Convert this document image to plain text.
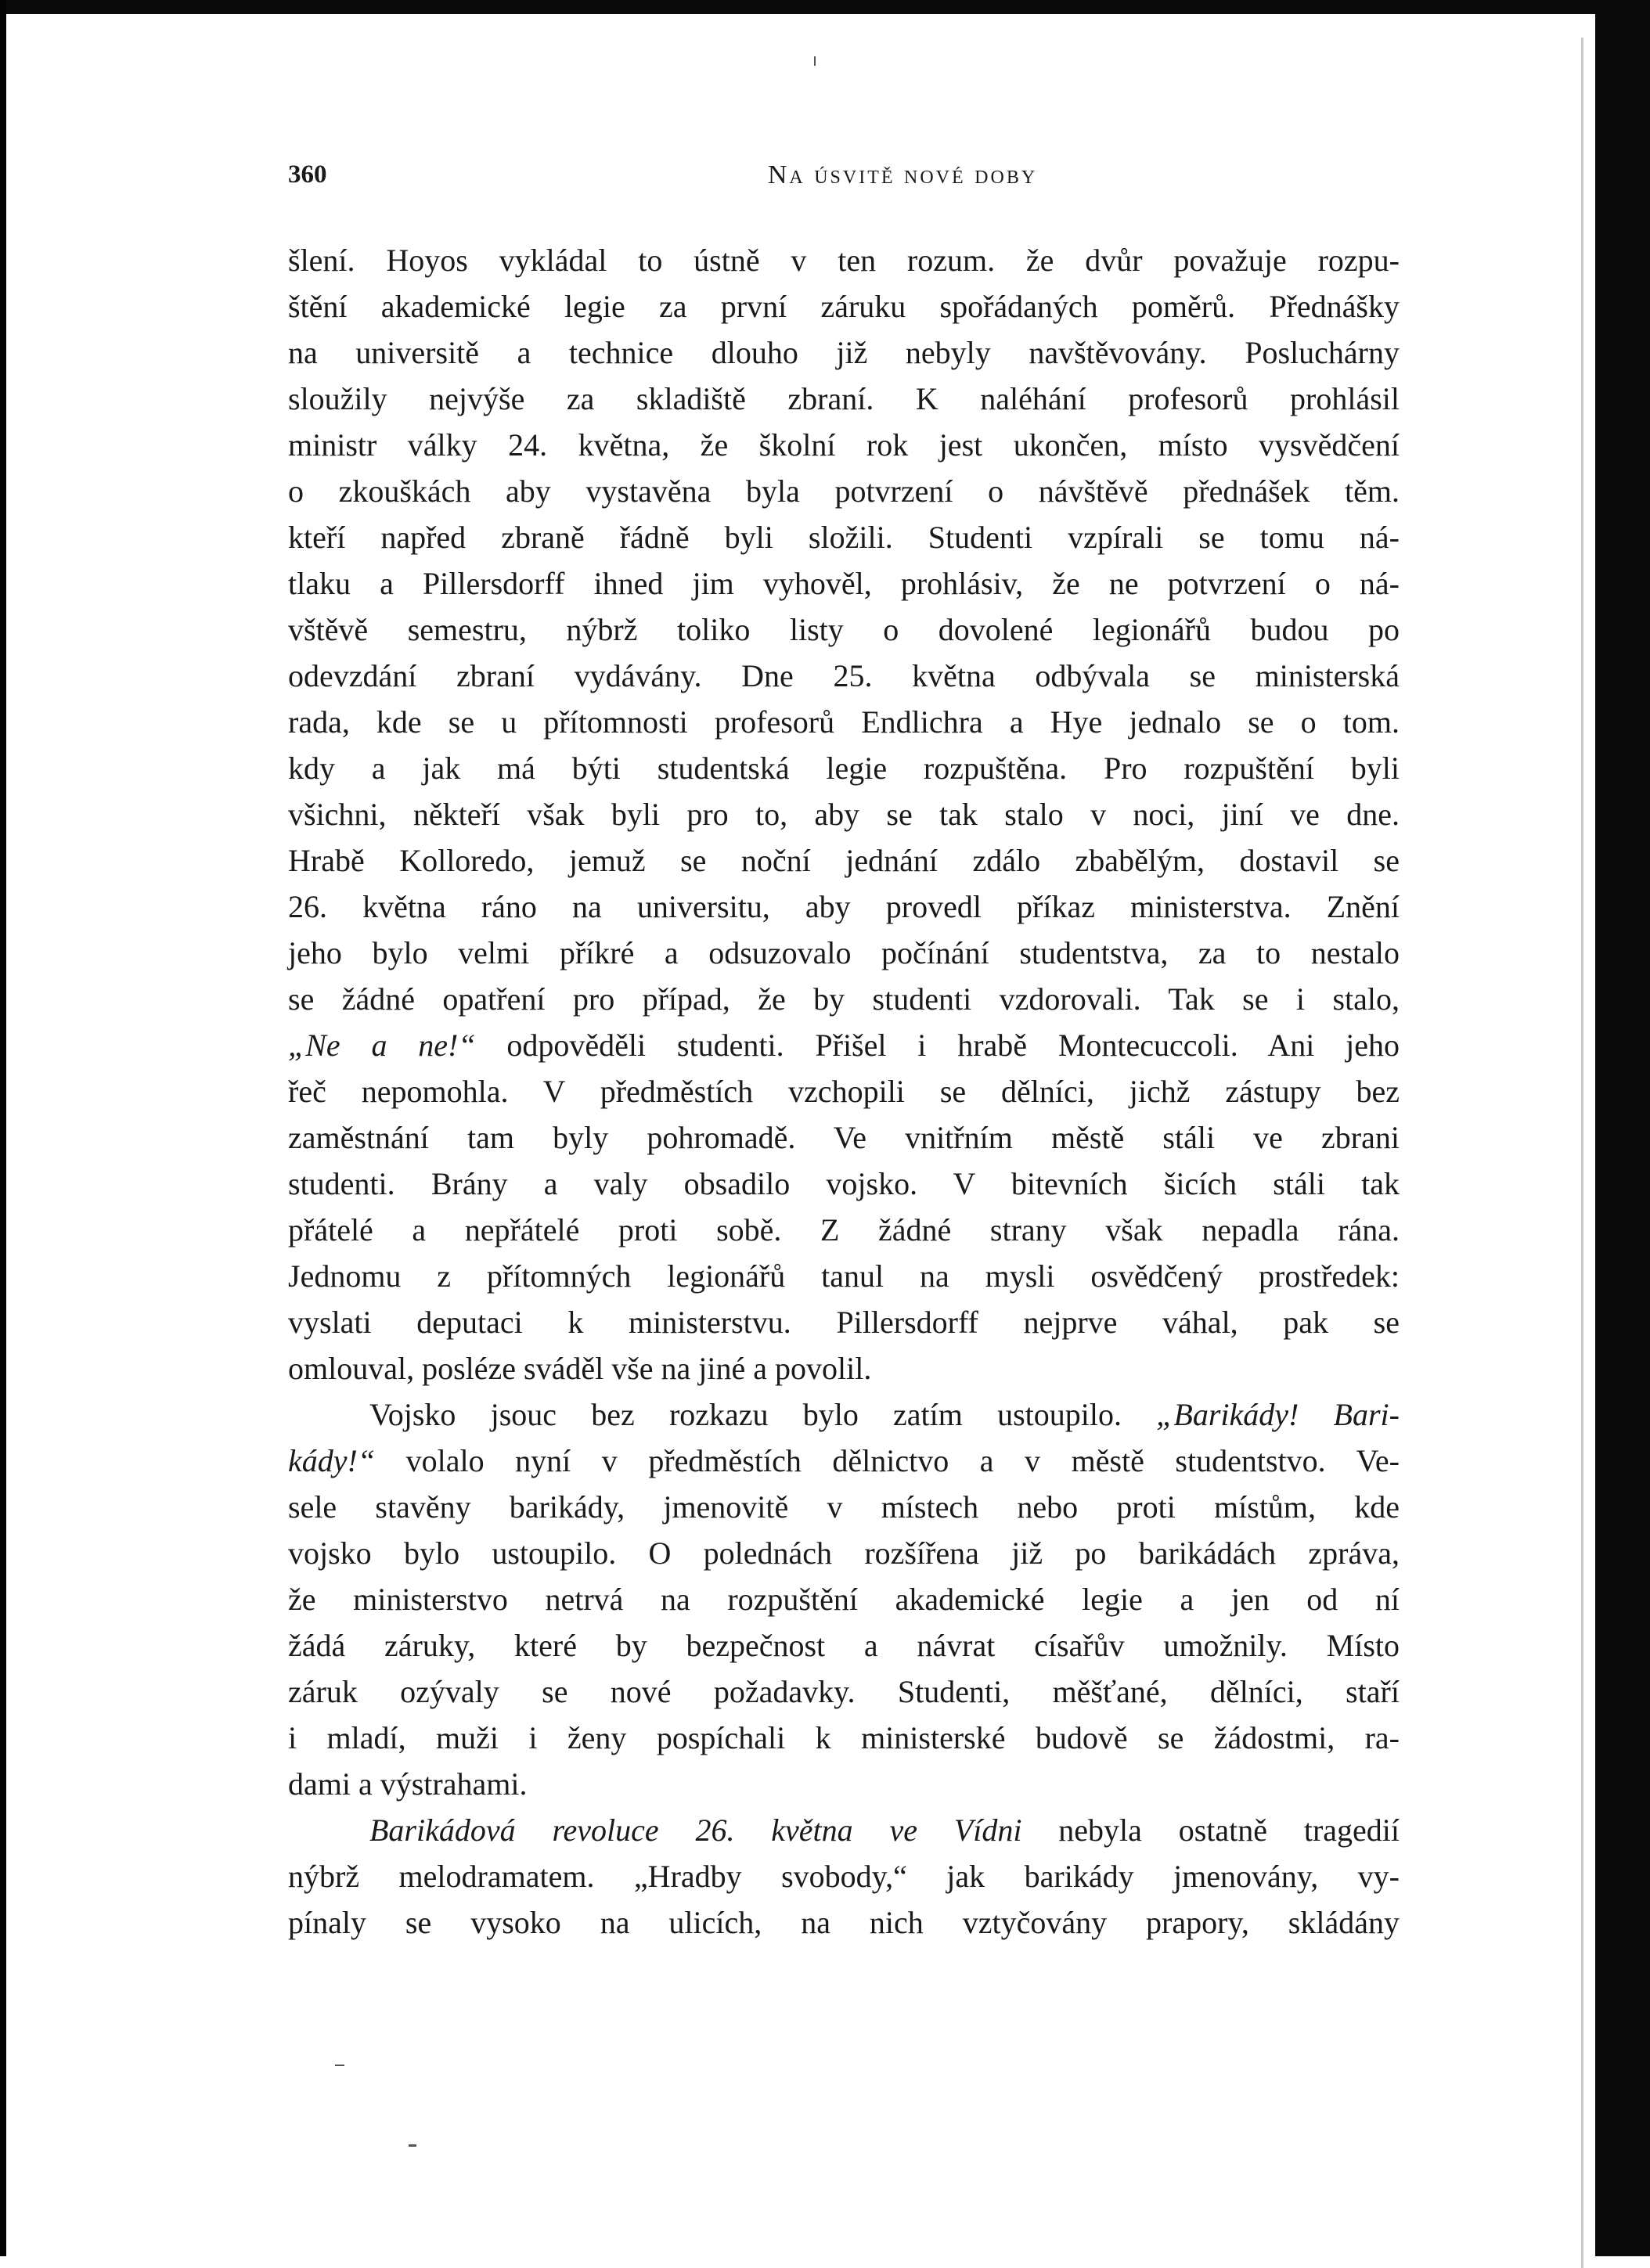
360	Na úsvitě nové doby
šlení. Hoyos vykládal to ústně v ten rozum. že dvůr považuje rozpu-
štění akademické legie za první záruku spořádaných poměrů. Přednášky
na universitě a technice dlouho již nebyly navštěvovány. Posluchárny
sloužily nejvýše za skladiště zbraní. K naléhání profesorů prohlásil
ministr války 24. května, že školní rok jest ukončen, místo vysvědčení
o zkouškách aby vystavěna byla potvrzení o návštěvě přednášek těm.
kteří napřed zbraně řádně byli složili. Studenti vzpírali se tomu ná-
tlaku a Pillersdorff ihned jim vyhověl, prohlásiv, že ne potvrzení o ná-
vštěvě semestru, nýbrž toliko listy o dovolené legionářů budou po
odevzdání zbraní vydávány. Dne 25. května odbývala se ministerská
rada, kde se u přítomnosti profesorů Endlichra a Hye jednalo se o tom.
kdy a jak má býti studentská legie rozpuštěna. Pro rozpuštění byli
všichni, někteří však byli pro to, aby se tak stalo v noci, jiní ve dne.
Hrabě Kolloredo, jemuž se noční jednání zdálo zbabělým, dostavil se
26. května ráno na universitu, aby provedl příkaz ministerstva. Znění
jeho bylo velmi příkré a odsuzovalo počínání studentstva, za to nestalo
se žádné opatření pro případ, že by studenti vzdorovali. Tak se i stalo,
„Ne a ne!“ odpověděli studenti. Přišel i hrabě Montecuccoli. Ani jeho
řeč nepomohla. V předměstích vzchopili se dělníci, jichž zástupy bez
zaměstnání tam byly pohromadě. Ve vnitřním městě stáli ve zbrani
studenti. Brány a valy obsadilo vojsko. V bitevních šicích stáli tak
přátelé a nepřátelé proti sobě. Z žádné strany však nepadla rána.
Jednomu z přítomných legionářů tanul na mysli osvědčený prostředek:
vyslati deputaci k ministerstvu. Pillersdorff nejprve váhal, pak se
omlouval, posléze sváděl vše na jiné a povolil.
Vojsko jsouc bez rozkazu bylo zatím ustoupilo. „Barikády! Bari-
kády!“ volalo nyní v předměstích dělnictvo a v městě studentstvo. Ve-
sele stavěny barikády, jmenovitě v místech nebo proti místům, kde
vojsko bylo ustoupilo. O polednách rozšířena již po barikádách zpráva,
že ministerstvo netrvá na rozpuštění akademické legie a jen od ní
žádá záruky, které by bezpečnost a návrat císařův umožnily. Místo
záruk ozývaly se nové požadavky. Studenti, měšťané, dělníci, staří
i mladí, muži i ženy pospíchali k ministerské budově se žádostmi, ra-
dami a výstrahami.
Barikádová revoluce 26. května ve Vídni nebyla ostatně tragedií
nýbrž melodramatem. „Hradby svobody,“ jak barikády jmenovány, vy-
pínaly se vysoko na ulicích, na nich vztyčovány prapory, skládány
